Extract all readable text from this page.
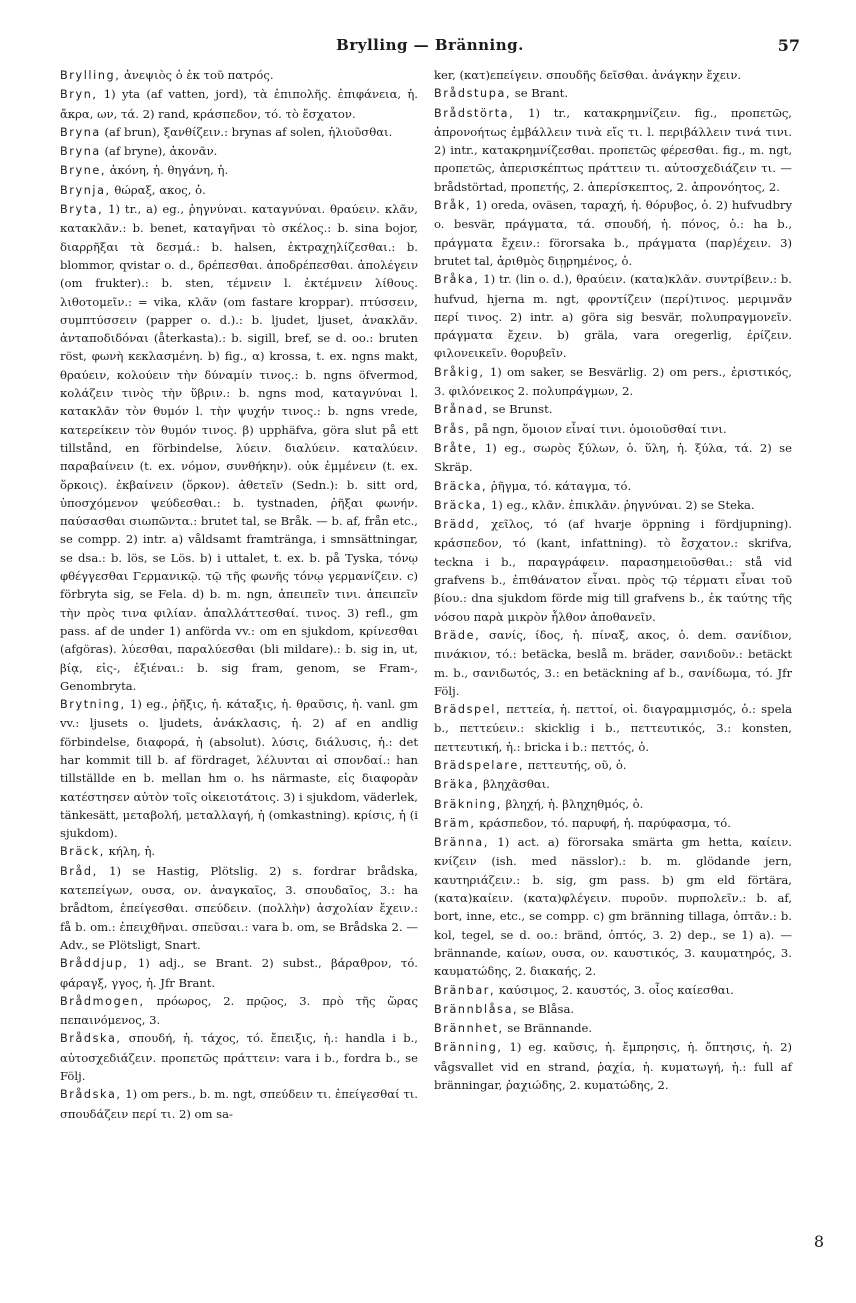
Brylling — Bränning.	57

Brylling, ἀνεψιὸς ὁ ἐκ τοῦ πατρός.

Bryn, 1) yta (af vatten, jord), τὰ ἐπιπολῆς. ἐπιφάνεια, ἡ. ἄκρα, ων, τά. 2) rand, κράσπεδον, τό. τὸ ἔσχατον.

Bryna (af brun), ξανθίζειν.: brynas af solen, ἡλιοῦσθαι.

Bryna (af bryne), ἀκονᾶν.

Bryne, ἀκόνη, ἡ. θηγάνη, ἡ.

Brynja, θώραξ, ακος, ὁ.

Bryta, 1) tr., a) eg., ῥηγνύναι. καταγνύναι. θραύειν. κλᾶν, κατακλᾶν.: b. benet, καταγῆναι τὸ σκέλος.: b. sina bojor, διαρρῆξαι τὰ δεσμά.: b. halsen, ἐκτραχηλίζεσθαι.: b. blommor, qvistar o. d., δρέπεσθαι. ἀποδρέπεσθαι. ἀπολέγειν (om frukter).: b. sten, τέμνειν l. ἐκτέμνειν λίθους. λιθοτομεῖν.: = vika, κλᾶν (om fastare kroppar). πτύσσειν, συμπτύσσειν (papper o. d.).: b. ljudet, ljuset, ἀνακλᾶν. ἀνταποδιδόναι (återkasta).: b. sigill, bref, se d. oo.: bruten röst, φωνὴ κεκλασμένη. b) fig., α) krossa, t. ex. ngns makt, θραύειν, κολούειν τὴν δύναμίν τινος.: b. ngns öfvermod, κολάζειν τινὸς τὴν ὕβριν.: b. ngns mod, καταγνύναι l. κατακλᾶν τὸν θυμόν l. τὴν ψυχήν τινος.: b. ngns vrede, κατερείκειν τὸν θυμόν τινος. β) upphäfva, göra slut på ett tillstånd, en förbindelse, λύειν. διαλύειν. καταλύειν. παραβαίνειν (t. ex. νόμον, συνθήκην). οὐκ ἐμμένειν (t. ex. ὅρκοις). ἐκβαίνειν (ὅρκον). ἀθετεῖν (Sedn.): b. sitt ord, ὑποσχόμενον ψεύδεσθαι.: b. tystnaden, ῥῆξαι φωνήν. παύσασθαι σιωπῶντα.: brutet tal, se Bråk. — b. af, från etc., se compp. 2) intr. a) våldsamt framtränga, i smnsättningar, se dsa.: b. lös, se Lös. b) i uttalet, t. ex. b. på Tyska, τόνῳ φθέγγεσθαι Γερμανικῷ. τῷ τῆς φωνῆς τόνῳ γερμανίζειν. c) förbryta sig, se Fela. d) b. m. ngn, ἀπειπεῖν τινι. ἀπειπεῖν τὴν πρὸς τινα φιλίαν. ἀπαλλάττεσθαί. τινος. 3) refl., gm pass. af de under 1) anförda vv.: om en sjukdom, κρίνεσθαι (afgöras). λύεσθαι, παραλύεσθαι (bli mildare).: b. sig in, ut, βίᾳ, εἰς-, ἐξιέναι.: b. sig fram, genom, se Fram-, Genombryta.

Brytning, 1) eg., ῥῆξις, ἡ. κάταξις, ἡ. θραῦσις, ἡ. vanl. gm vv.: ljusets o. ljudets, ἀνάκλασις, ἡ. 2) af en andlig förbindelse, διαφορά, ἡ (absolut). λύσις, διάλυσις, ἡ.: det har kommit till b. af fördraget, λέλυνται αἱ σπονδαί.: han tillställde en b. mellan hm o. hs närmaste, εἰς διαφορὰν κατέστησεν αὐτὸν τοῖς οἰκειοτάτοις. 3) i sjukdom, väderlek, tänkesätt, μεταβολή, μεταλλαγή, ἡ (omkastning). κρίσις, ἡ (i sjukdom).

Bräck, κήλη, ἡ.

Bråd, 1) se Hastig, Plötslig. 2) s. fordrar brådska, κατεπείγων, ουσα, ον. ἀναγκαῖος, 3. σπουδαῖος, 3.: ha brådtom, ἐπείγεσθαι. σπεύδειν. (πολλὴν) ἀσχολίαν ἔχειν.: få b. om.: ἐπειχθῆναι. σπεῦσαι.: vara b. om, se Brådska 2. — Adv., se Plötsligt, Snart.

Bråddjup, 1) adj., se Brant. 2) subst., βάραθρον, τό. φάραγξ, γγος, ἡ. Jfr Brant.

Brådmogen, πρόωρος, 2. πρῷος, 3. πρὸ τῆς ὥρας πεπαινόμενος, 3.

Brådska, σπουδή, ἡ. τάχος, τό. ἔπειξις, ἡ.: handla i b., αὐτοσχεδιάζειν. προπετῶς πράττειν: vara i b., fordra b., se Följ.

Brådska, 1) om pers., b. m. ngt, σπεύδειν τι. ἐπείγεσθαί τι. σπουδάζειν περί τι. 2) om sa-

ker, (κατ)επείγειν. σπουδῆς δεῖσθαι. ἀνάγκην ἔχειν.

Brådstupa, se Brant.

Brådstörta, 1) tr., κατακρημνίζειν. fig., προπετῶς, ἀπρονοήτως ἐμβάλλειν τινὰ εἴς τι. l. περιβάλλειν τινά τινι. 2) intr., κατακρημνίζεσθαι. προπετῶς φέρεσθαι. fig., m. ngt, προπετῶς, ἀπερισκέπτως πράττειν τι. αὐτοσχεδιάζειν τι. — brådstörtad, προπετής, 2. ἀπερίσκεπτος, 2. ἀπρονόητος, 2.

Bråk, 1) oreda, oväsen, ταραχή, ἡ. θόρυβος, ὁ. 2) hufvudbry o. besvär, πράγματα, τά. σπουδή, ἡ. πόνος, ὁ.: ha b., πράγματα ἔχειν.: förorsaka b., πράγματα (παρ)έχειν. 3) brutet tal, ἀριθμὸς διῃρημένος, ὁ.

Bråka, 1) tr. (lin o. d.), θραύειν. (κατα)κλᾶν. συντρίβειν.: b. hufvud, hjerna m. ngt, φροντίζειν (περί)τινος. μεριμνᾶν περί τινος. 2) intr. a) göra sig besvär, πολυπραγμονεῖν. πράγματα ἔχειν. b) gräla, vara oregerlig, ἐρίζειν. φιλονεικεῖν. θορυβεῖν.

Bråkig, 1) om saker, se Besvärlig. 2) om pers., ἐριστικός, 3. φιλόνεικος 2. πολυπράγμων, 2.

Brånad, se Brunst.

Brås, på ngn, ὅμοιον εἶναί τινι. ὁμοιοῦσθαί τινι.

Bråte, 1) eg., σωρὸς ξύλων, ὁ. ὕλη, ἡ. ξύλα, τά. 2) se Skräp.

Bräcka, ῥῆγμα, τό. κάταγμα, τό.

Bräcka, 1) eg., κλᾶν. ἐπικλᾶν. ῥηγνύναι. 2) se Steka.

Brädd, χεῖλος, τό (af hvarje öppning i fördjupning). κράσπεδον, τό (kant, infattning). τὸ ἔσχατον.: skrifva, teckna i b., παραγράφειν. παρασημειοῦσθαι.: stå vid grafvens b., ἐπιθάνατον εἶναι. πρὸς τῷ τέρματι εἶναι τοῦ βίου.: dna sjukdom förde mig till grafvens b., ἐκ ταύτης τῆς νόσου παρὰ μικρὸν ἦλθον ἀποθανεῖν.

Bräde, σανίς, ίδος, ἡ. πίναξ, ακος, ὁ. dem. σανίδιον, πινάκιον, τό.: betäcka, beslå m. bräder, σανιδοῦν.: betäckt m. b., σανιδωτός, 3.: en betäckning af b., σανίδωμα, τό. Jfr Följ.

Brädspel, πεττεία, ἡ. πεττοί, οἱ. διαγραμμισμός, ὁ.: spela b., πεττεύειν.: skicklig i b., πεττευτικός, 3.: konsten, πεττευτική, ἡ.: bricka i b.: πεττός, ὁ.

Brädspelare, πεττευτής, οῦ, ὁ.

Bräka, βληχᾶσθαι.

Bräkning, βληχή, ἡ. βληχηθμός, ὁ.

Bräm, κράσπεδον, τό. παρυφή, ἡ. παρύφασμα, τό.

Bränna, 1) act. a) förorsaka smärta gm hetta, καίειν. κνίζειν (ish. med nässlor).: b. m. glödande jern, καυτηριάζειν.: b. sig, gm pass. b) gm eld förtära, (κατα)καίειν. (κατα)φλέγειν. πυροῦν. πυρπολεῖν.: b. af, bort, inne, etc., se compp. c) gm bränning tillaga, ὀπτᾶν.: b. kol, tegel, se d. oo.: bränd, ὀπτός, 3. 2) dep., se 1) a). — brännande, καίων, ουσα, ον. καυστικός, 3. καυματηρός, 3. καυματώδης, 2. διακαής, 2.

Bränbar, καύσιμος, 2. καυστός, 3. οἷος καίεσθαι.

Brännblåsa, se Blåsa.

Brännhet, se Brännande.

Bränning, 1) eg. καῦσις, ἡ. ἔμπρησις, ἡ. ὄπτησις, ἡ. 2) vågsvallet vid en strand, ῥαχία, ἡ. κυματωγή, ἡ.: full af bränningar, ῥαχιώδης, 2. κυματώδης, 2.

8
